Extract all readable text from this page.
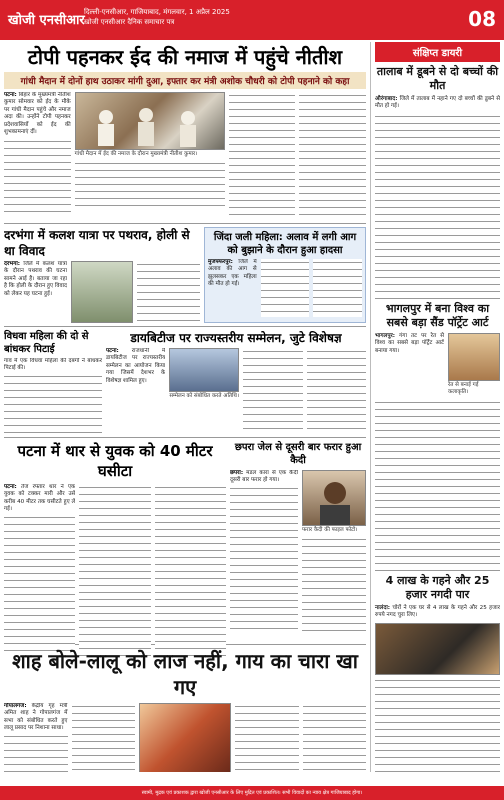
खोजी एनसीआर
दिल्ली-एनसीआर, गाजियाबाद, मंगलवार, 1 अप्रैल 2025
खोजी एनसीआर दैनिक समाचार पत्र	08
टोपी पहनकर ईद की नमाज में पहुंचे नीतीश
गांधी मैदान में दोनों हाथ उठाकर मांगी दुआ, इफ्तार कर मंत्री अशोक चौधरी को टोपी पहनाने को कहा
पटना: बिहार के मुख्यमंत्री नीतीश कुमार सोमवार को ईद के मौके पर गांधी मैदान पहुंचे और नमाज अदा की। उन्होंने टोपी पहनकर प्रदेशवासियों को ईद की शुभकामनाएं दीं।
गांधी मैदान में ईद की नमाज के दौरान मुख्यमंत्री नीतीश कुमार।
दरभंगा में कलश यात्रा पर पथराव, होली से था विवाद
दरभंगा: जिले में कलश यात्रा के दौरान पथराव की घटना सामने आई है। बताया जा रहा है कि होली के दौरान हुए विवाद को लेकर यह घटना हुई।
जिंदा जली महिला: अलाव में लगी आग को बुझाने के दौरान हुआ हादसा
मुजफ्फरपुर: जिले में अलाव की आग से झुलसकर एक महिला की मौत हो गई।
विधवा महिला की दो से बांधकर पिटाई
गांव में एक विधवा महिला की दबंगों ने बांधकर पिटाई की।
डायबिटीज पर राज्यस्तरीय सम्मेलन, जुटे विशेषज्ञ
पटना: राजधानी में डायबिटीज पर राज्यस्तरीय सम्मेलन का आयोजन किया गया जिसमें देशभर के विशेषज्ञ शामिल हुए।
सम्मेलन को संबोधित करते अतिथि।
पटना में थार से युवक को 40 मीटर घसीटा
पटना: तेज रफ्तार थार ने एक युवक को टक्कर मारी और उसे करीब 40 मीटर तक घसीटते हुए ले गई।
छपरा जेल से दूसरी बार फरार हुआ कैदी
छपरा: मंडल कारा से एक कैदी दूसरी बार फरार हो गया।
फरार कैदी की फाइल फोटो।
शाह बोले-लालू को लाज नहीं, गाय का चारा खा गए
गोपालगंज: केंद्रीय गृह मंत्री अमित शाह ने गोपालगंज में सभा को संबोधित करते हुए लालू प्रसाद पर निशाना साधा।
संक्षिप्त डायरी
तालाब में डूबने से दो बच्चों की मौत
औरंगाबाद: जिले में तालाब में नहाने गए दो बच्चों की डूबने से मौत हो गई।
भागलपुर में बना विश्व का सबसे बड़ा सैंड पॉर्ट्रेट आर्ट
भागलपुर: गंगा तट पर रेत से विश्व का सबसे बड़ा पॉर्ट्रेट आर्ट बनाया गया।
रेत से बनाई गई कलाकृति।
4 लाख के गहने और 25 हजार नगदी पार
नालंदा: चोरों ने एक घर से 4 लाख के गहने और 25 हजार रुपये नगद चुरा लिए।
स्वामी, मुद्रक एवं प्रकाशक द्वारा खोजी एनसीआर के लिए मुद्रित एवं प्रकाशित। सभी विवादों का न्याय क्षेत्र गाजियाबाद होगा।
